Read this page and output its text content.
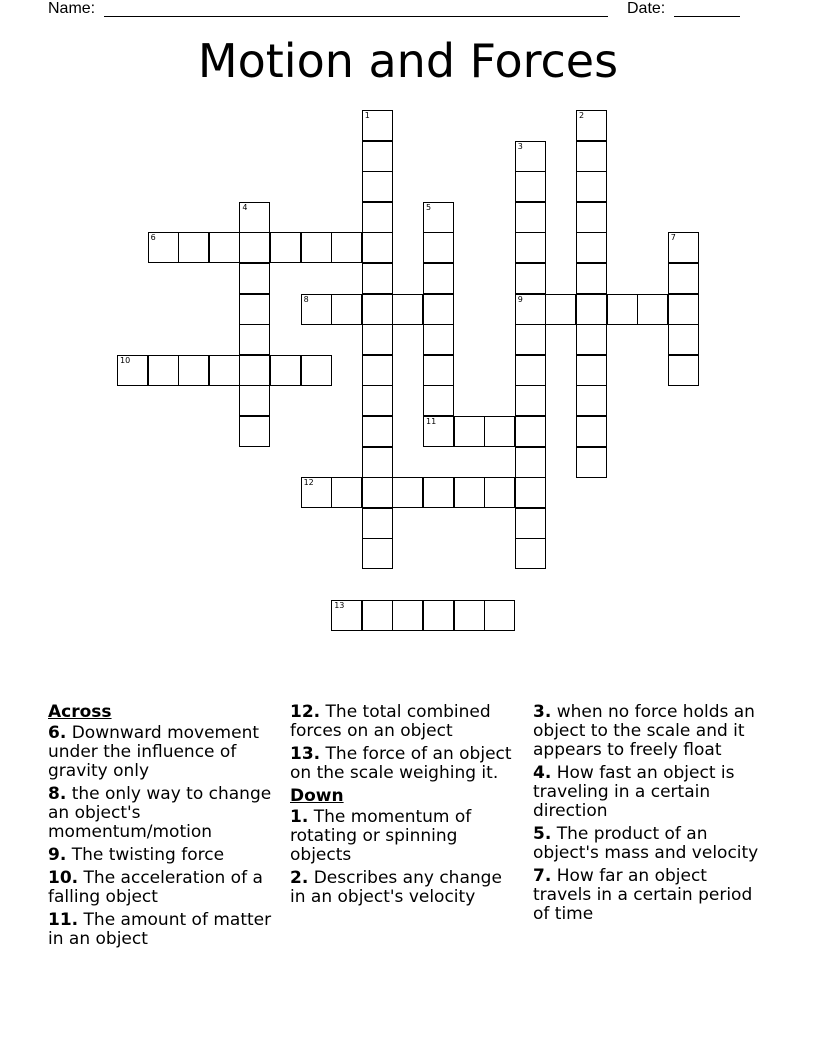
Name:	Date:
Motion and Forces
6
8	9
10
11
12
13
1	2
3
4	5
7
Across
6. Downward movement under the influence of gravity only
8. the only way to change an object's momentum/motion
9. The twisting force
10. The acceleration of a falling object
11. The amount of matter in an object
12. The total combined forces on an object
13. The force of an object on the scale weighing it.
Down
1. The momentum of rotating or spinning objects
2. Describes any change in an object's velocity
3. when no force holds an object to the scale and it appears to freely float
4. How fast an object is traveling in a certain direction
5. The product of an object's mass and velocity
7. How far an object travels in a certain period of time
